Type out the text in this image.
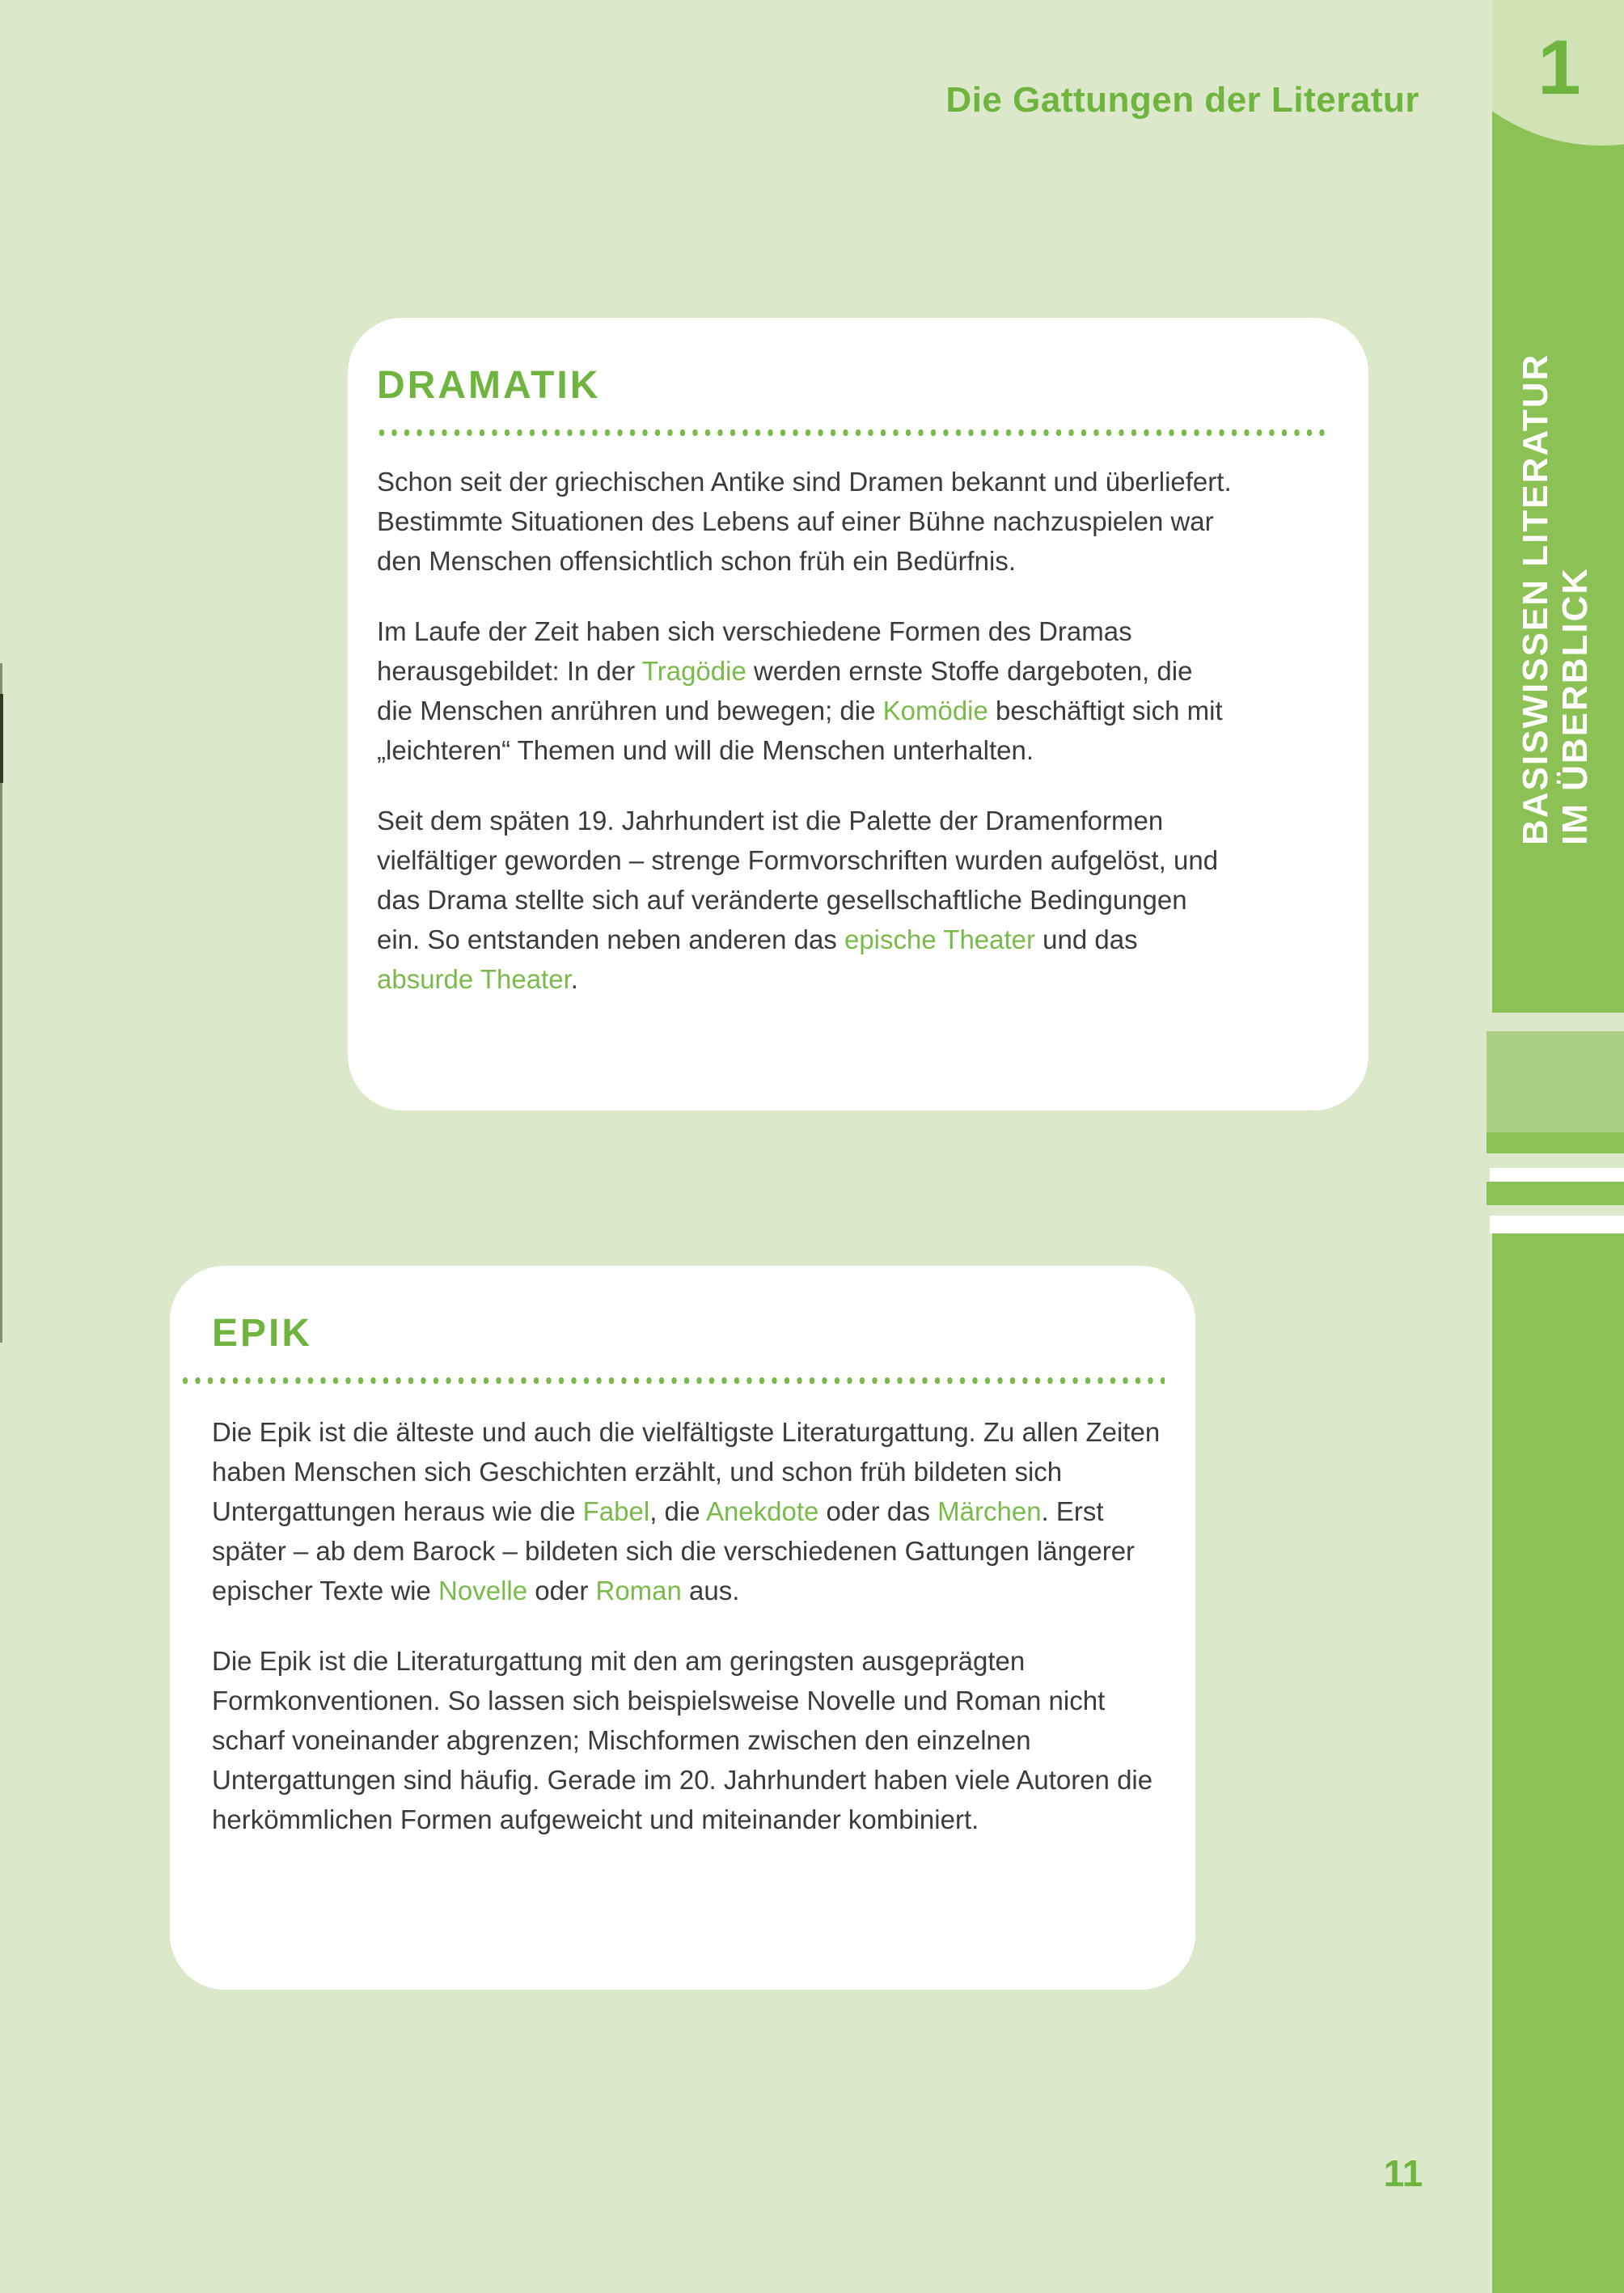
Die Gattungen der Literatur 1
BASISWISSEN LITERATUR IM ÜBERBLICK
DRAMATIK

Schon seit der griechischen Antike sind Dramen bekannt und überliefert. Bestimmte Situationen des Lebens auf einer Bühne nachzuspielen war den Menschen offensichtlich schon früh ein Bedürfnis.

Im Laufe der Zeit haben sich verschiedene Formen des Dramas herausgebildet: In der Tragödie werden ernste Stoffe dargeboten, die die Menschen anrühren und bewegen; die Komödie beschäftigt sich mit „leichteren“ Themen und will die Menschen unterhalten.

Seit dem späten 19. Jahrhundert ist die Palette der Dramenformen vielfältiger geworden – strenge Formvorschriften wurden aufgelöst, und das Drama stellte sich auf veränderte gesellschaftliche Bedingungen ein. So entstanden neben anderen das epische Theater und das absurde Theater.

EPIK

Die Epik ist die älteste und auch die vielfältigste Literaturgattung. Zu allen Zeiten haben Menschen sich Geschichten erzählt, und schon früh bildeten sich Untergattungen heraus wie die Fabel, die Anekdote oder das Märchen. Erst später – ab dem Barock – bildeten sich die verschiedenen Gattungen längerer epischer Texte wie Novelle oder Roman aus.

Die Epik ist die Literaturgattung mit den am geringsten ausgeprägten Formkonventionen. So lassen sich beispielsweise Novelle und Roman nicht scharf voneinander abgrenzen; Mischformen zwischen den einzelnen Untergattungen sind häufig. Gerade im 20. Jahrhundert haben viele Autoren die herkömmlichen Formen aufgeweicht und miteinander kombiniert.

11
